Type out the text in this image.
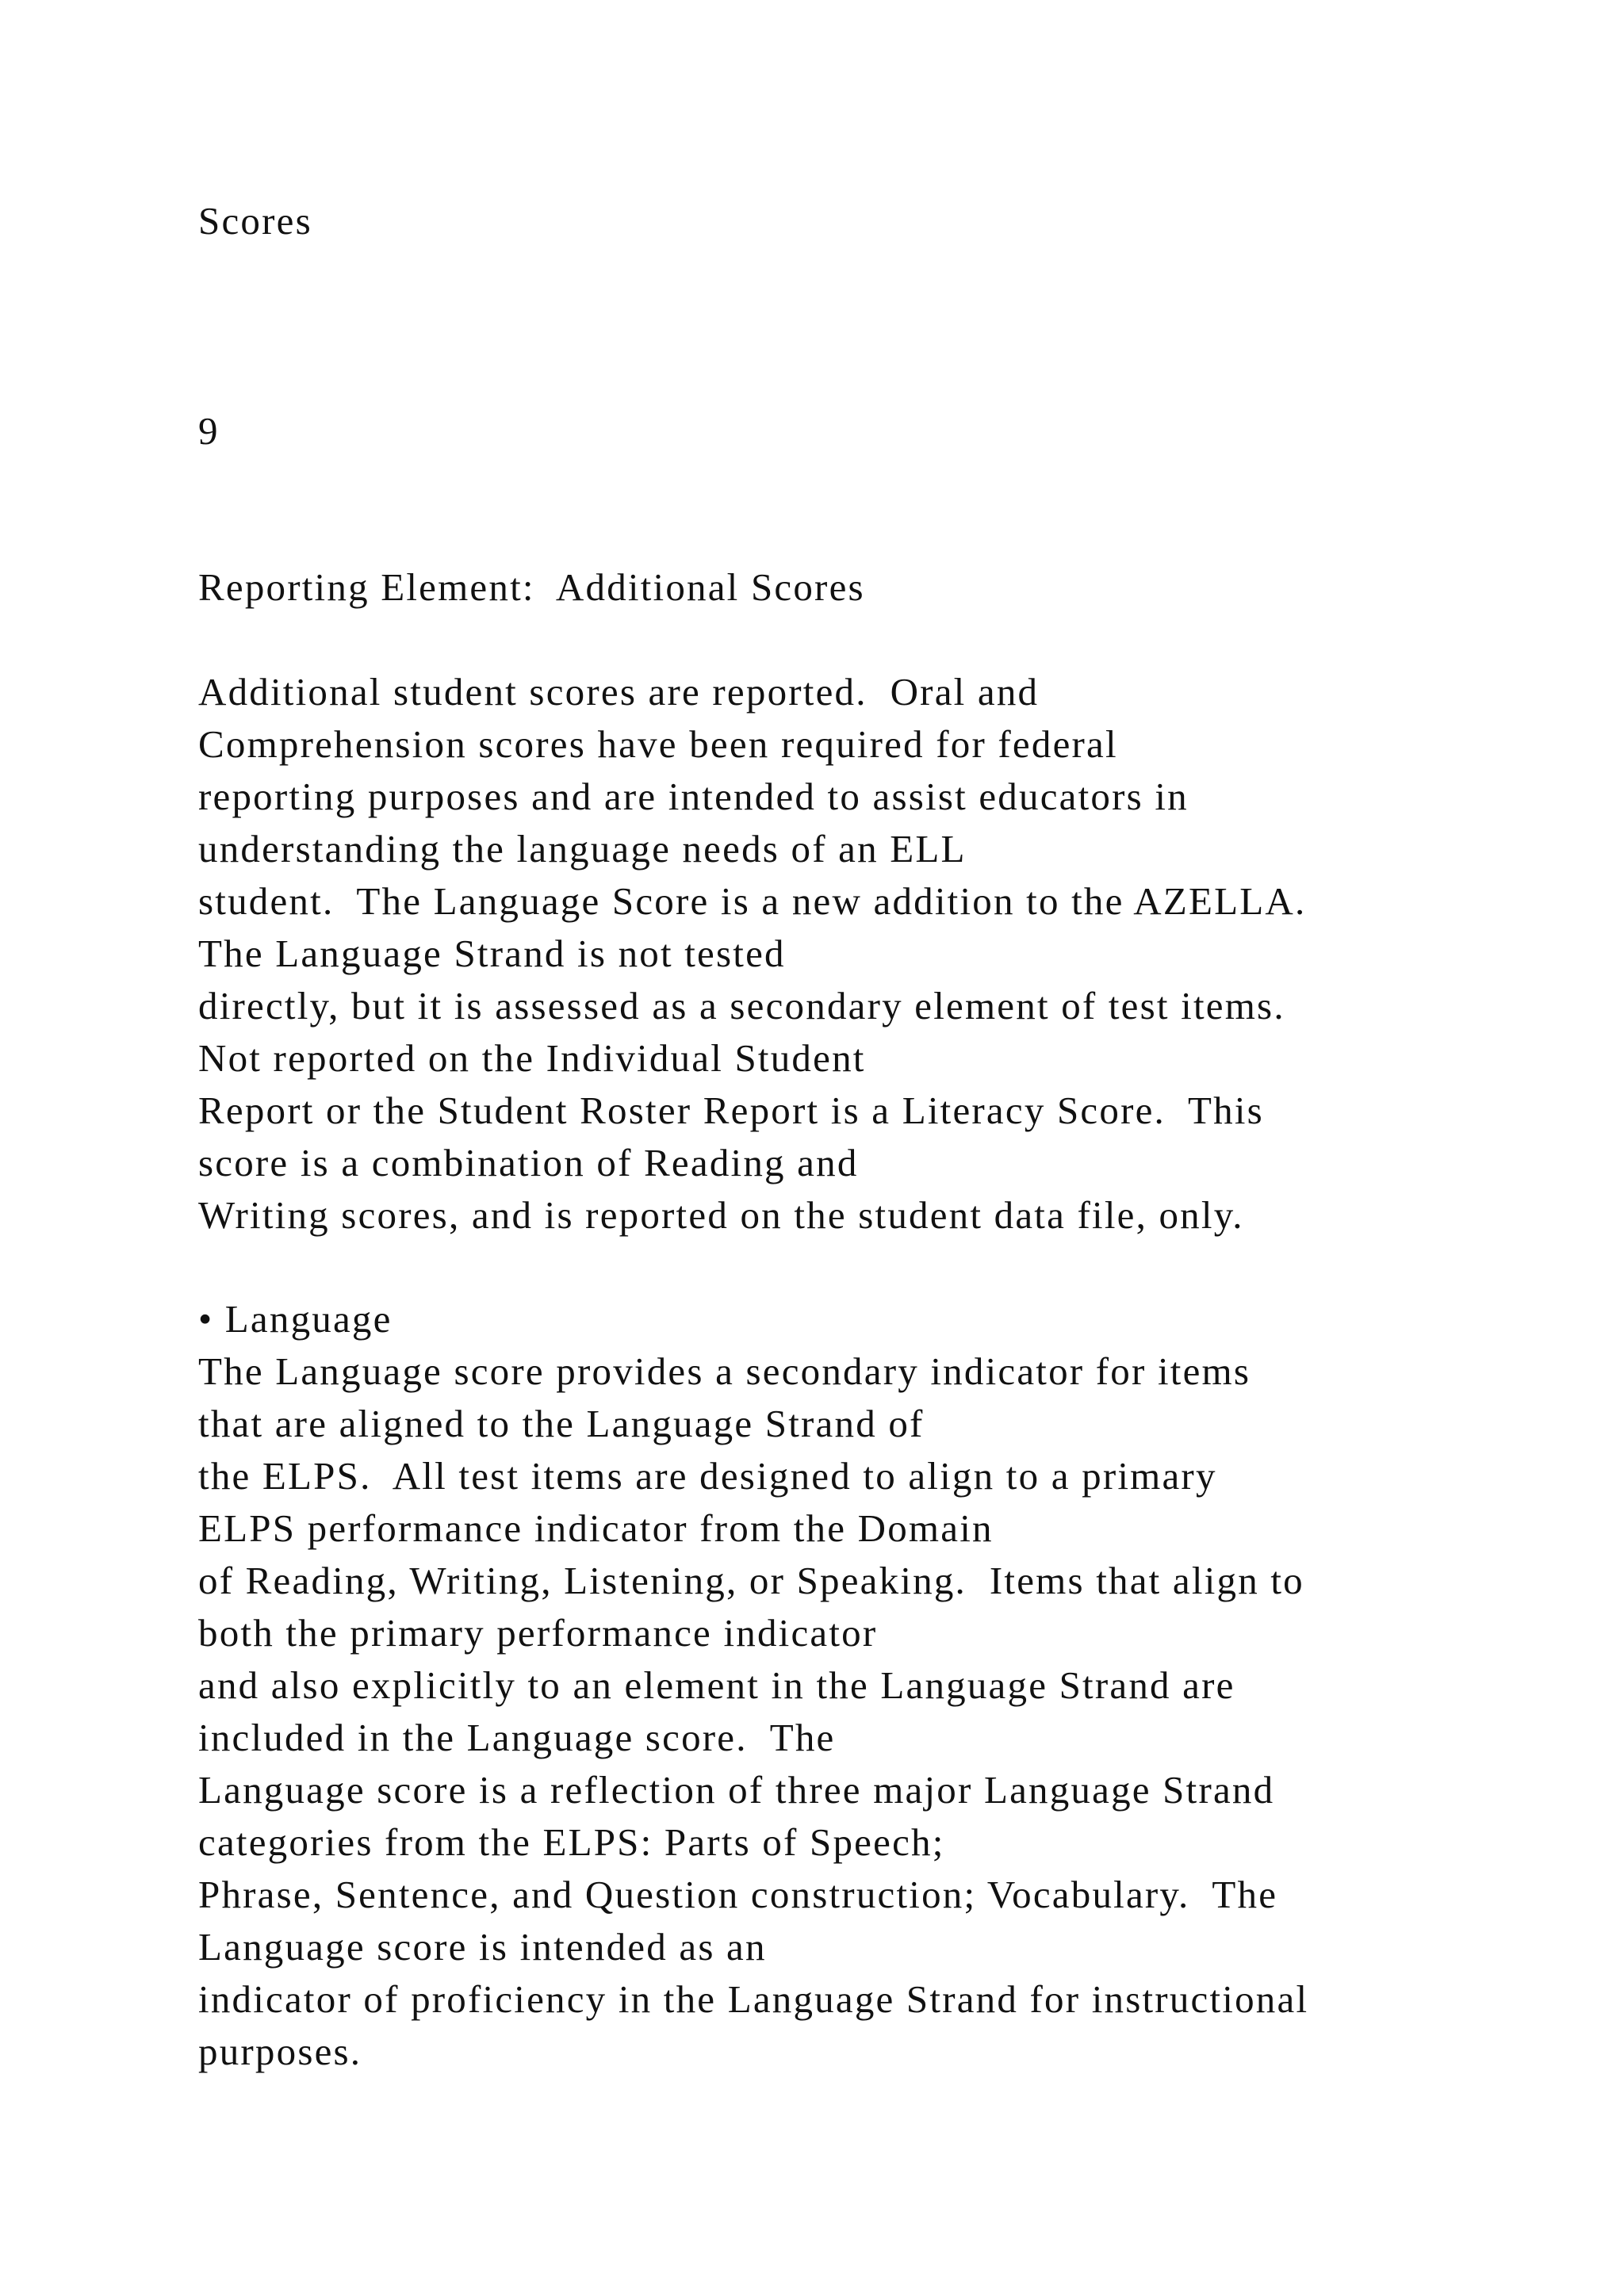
Scores

9

Reporting Element:  Additional Scores

Additional student scores are reported.  Oral and

Comprehension scores have been required for federal

reporting purposes and are intended to assist educators in

understanding the language needs of an ELL

student.  The Language Score is a new addition to the AZELLA.

The Language Strand is not tested

directly, but it is assessed as a secondary element of test items.

Not reported on the Individual Student

Report or the Student Roster Report is a Literacy Score.  This

score is a combination of Reading and

Writing scores, and is reported on the student data file, only.

• Language

The Language score provides a secondary indicator for items

that are aligned to the Language Strand of

the ELPS.  All test items are designed to align to a primary

ELPS performance indicator from the Domain

of Reading, Writing, Listening, or Speaking.  Items that align to

both the primary performance indicator

and also explicitly to an element in the Language Strand are

included in the Language score.  The

Language score is a reflection of three major Language Strand

categories from the ELPS: Parts of Speech;

Phrase, Sentence, and Question construction; Vocabulary.  The

Language score is intended as an

indicator of proficiency in the Language Strand for instructional

purposes.
